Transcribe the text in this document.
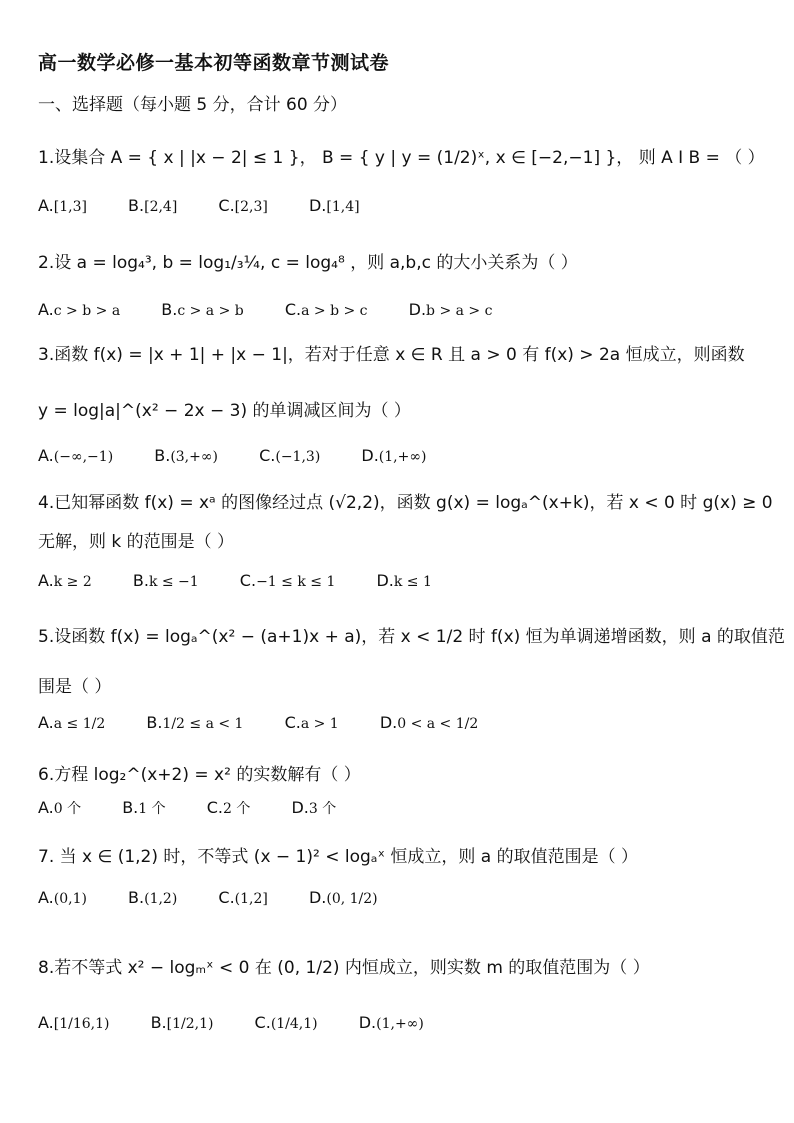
高一数学必修一基本初等函数章节测试卷
一、选择题（每小题 5 分，合计 60 分）
1.设集合 A = { x | |x − 2| ≤ 1 }， B = { y | y = (1/2)ˣ, x ∈ [−2,−1] }， 则 A I B = （ ）
A.[1,3]	B.[2,4]	C.[2,3]	D.[1,4]
2.设 a = log₄³, b = log₁/₃¼, c = log₄⁸ ，则 a,b,c 的大小关系为（ ）
A.c > b > a	B.c > a > b	C.a > b > c	D.b > a > c
3.函数 f(x) = |x + 1| + |x − 1|，若对于任意 x ∈ R 且 a > 0 有 f(x) > 2a 恒成立，则函数
y = log|a|^(x² − 2x − 3) 的单调减区间为（ ）
A.(−∞,−1)	B.(3,+∞)	C.(−1,3)	D.(1,+∞)
4.已知幂函数 f(x) = xᵃ 的图像经过点 (√2,2)，函数 g(x) = logₐ^(x+k)，若 x < 0 时 g(x) ≥ 0
无解，则 k 的范围是（ ）
A.k ≥ 2	B.k ≤ −1	C.−1 ≤ k ≤ 1	D.k ≤ 1
5.设函数 f(x) = logₐ^(x² − (a+1)x + a)，若 x < 1/2 时 f(x) 恒为单调递增函数，则 a 的取值范
围是（ ）
A.a ≤ 1/2	B.1/2 ≤ a < 1	C.a > 1	D.0 < a < 1/2
6.方程 log₂^(x+2) = x² 的实数解有（ ）
A.0 个	B.1 个	C.2 个	D.3 个
7. 当 x ∈ (1,2) 时，不等式 (x − 1)² < logₐˣ 恒成立，则 a 的取值范围是（ ）
A.(0,1)	B.(1,2)	C.(1,2]	D.(0, 1/2)
8.若不等式 x² − logₘˣ < 0 在 (0, 1/2) 内恒成立，则实数 m 的取值范围为（ ）
A.[1/16,1)	B.[1/2,1)	C.(1/4,1)	D.(1,+∞)
